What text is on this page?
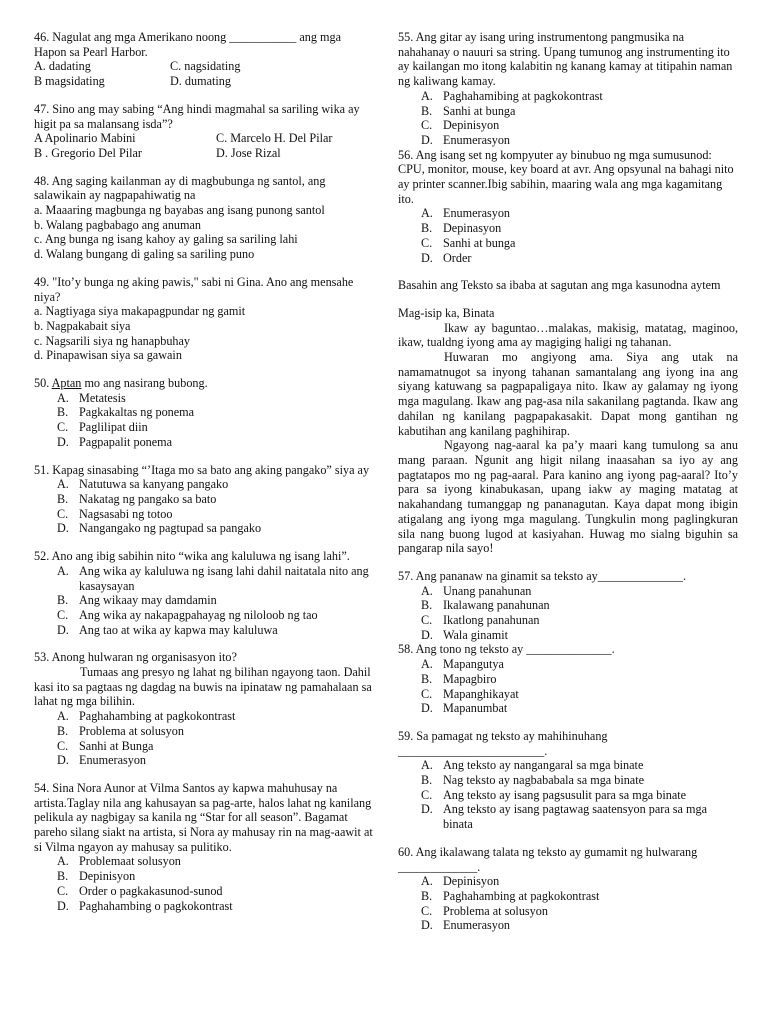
46. Nagulat ang mga Amerikano noong ___________ ang mga Hapon sa Pearl Harbor.

A. dadating	C. nagsidating
B magsidating	D. dumating

47. Sino ang may sabing “Ang hindi magmahal sa sariling wika ay higit pa sa malansang isda”?

A Apolinario Mabini	C. Marcelo H. Del Pilar
B . Gregorio Del Pilar	D. Jose Rizal

48. Ang saging kailanman ay di magbubunga ng santol, ang salawikain ay nagpapahiwatig na

a. Maaaring magbunga ng bayabas ang isang punong santol

b. Walang pagbabago ang anuman

c. Ang bunga ng isang kahoy ay galing sa sariling lahi

d. Walang bungang di galing sa sariling puno

49. "Ito’y bunga ng aking pawis," sabi ni Gina. Ano ang mensahe niya?

a. Nagtiyaga siya makapagpundar ng gamit

b. Nagpakabait siya

c. Nagsarili siya ng hanapbuhay

d. Pinapawisan siya sa gawain

50. Aptan mo ang nasirang bubong.

A. Metatesis
B. Pagkakaltas ng ponema
C. Paglilipat diin
D. Pagpapalit ponema

51. Kapag sinasabing “’Itaga mo sa bato ang aking pangako” siya ay

A. Natutuwa sa kanyang pangako
B. Nakatag ng pangako sa bato
C. Nagsasabi ng totoo
D. Nangangako ng pagtupad sa pangako

52. Ano ang ibig sabihin nito “wika ang kaluluwa ng isang lahi”.

A. Ang wika ay kaluluwa ng isang lahi dahil naitatala nito ang kasaysayan
B. Ang wikaay may damdamin
C. Ang wika ay nakapagpahayag ng niloloob ng tao
D. Ang tao at wika ay kapwa may kaluluwa

53. Anong hulwaran ng organisasyon ito?

Tumaas ang presyo ng lahat ng bilihan ngayong taon. Dahil kasi ito sa pagtaas ng dagdag na buwis na ipinataw ng pamahalaan sa lahat ng mga bilihin.

A. Paghahambing at pagkokontrast
B. Problema at solusyon
C. Sanhi at Bunga
D. Enumerasyon

54. Sina Nora Aunor at Vilma Santos ay kapwa mahuhusay na artista.Taglay nila ang kahusayan sa pag-arte, halos lahat ng kanilang pelikula ay nagbigay sa kanila ng “Star for all season”. Bagamat pareho silang siakt na artista, si Nora ay mahusay rin na mag-aawit at si Vilma ngayon ay mahusay sa pulitiko.

A. Problemaat solusyon
B. Depinisyon
C. Order o pagkakasunod-sunod
D. Paghahambing o pagkokontrast

55. Ang gitar ay isang uring instrumentong pangmusika na nahahanay o nauuri sa string. Upang tumunog ang instrumenting ito ay kailangan mo itong kalabitin ng kanang kamay at titipahin naman ng kaliwang kamay.

A. Paghahamibing at pagkokontrast
B. Sanhi at bunga
C. Depinisyon
D. Enumerasyon

56. Ang isang set ng kompyuter ay binubuo ng mga sumusunod: CPU, monitor, mouse, key board at avr. Ang opsyunal na bahagi nito ay printer scanner.Ibig sabihin, maaring wala ang mga kagamitang ito.

A. Enumerasyon
B. Depinasyon
C. Sanhi at bunga
D. Order

Basahin ang Teksto sa ibaba at sagutan ang mga kasunodna aytem

Mag-isip ka, Binata

Ikaw ay baguntao…malakas, makisig, matatag, maginoo, ikaw, tualdng iyong ama ay magiging haligi ng tahanan.

Huwaran mo angiyong ama. Siya ang utak na namamatnugot sa inyong tahanan samantalang ang iyong ina ang siyang katuwang sa pagpapaligaya nito. Ikaw ay galamay ng iyong mga magulang. Ikaw ang pag-asa nila sakanilang pagtanda. Ikaw ang dahilan ng kanilang pagpapakasakit. Dapat mong gantihan ng kabutihan ang kanilang paghihirap.

Ngayong nag-aaral ka pa’y maari kang tumulong sa anu mang paraan. Ngunit ang higit nilang inaasahan sa iyo ay ang pagtatapos mo ng pag-aaral. Para kanino ang iyong pag-aaral? Ito’y para sa iyong kinabukasan, upang iakw ay maging matatag at nakahandang tumanggap ng pananagutan. Kaya dapat mong ibigin atigalang ang iyong mga magulang. Tungkulin mong paglingkuran sila nang buong lugod at kasiyahan. Huwag mo sialng biguhin sa pangarap nila sayo!

57. Ang pananaw na ginamit sa teksto ay______________.

A. Unang panahunan
B. Ikalawang panahunan
C. Ikatlong panahunan
D. Wala ginamit

58. Ang tono ng teksto ay ______________.

A. Mapangutya
B. Mapagbiro
C. Mapanghikayat
D. Mapanumbat

59. Sa pamagat ng teksto ay mahihinuhang ________________________.

A. Ang teksto ay nangangaral sa mga binate
B. Nag teksto ay nagbababala sa mga binate
C. Ang teksto ay isang pagsusulit para sa mga binate
D. Ang teksto ay isang pagtawag saatensyon para sa mga binata

60. Ang ikalawang talata ng teksto ay gumamit ng hulwarang _____________.

A. Depinisyon
B. Paghahambing at pagkokontrast
C. Problema at solusyon
D. Enumerasyon
